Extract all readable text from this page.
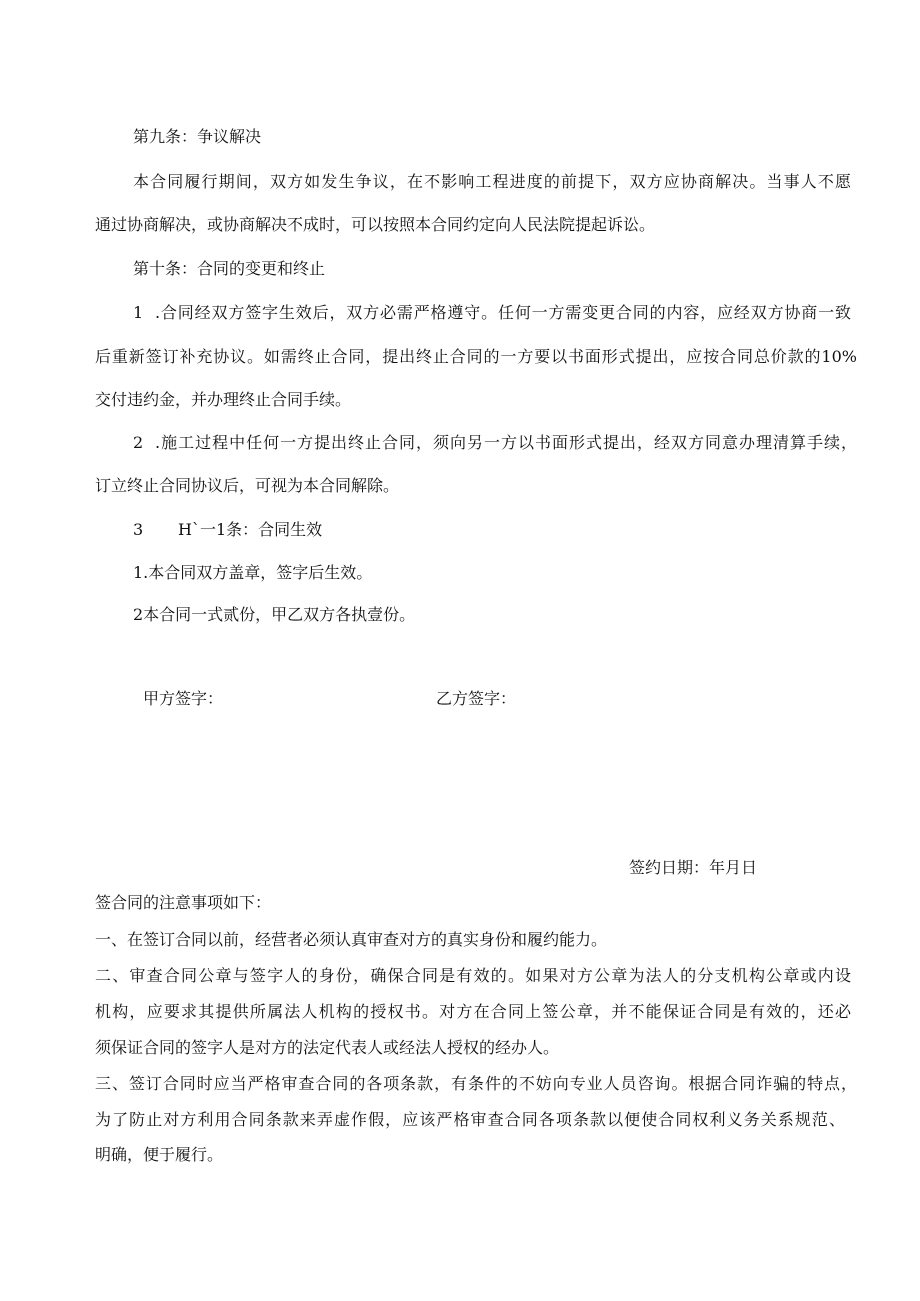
第九条：争议解决
本合同履行期间，双方如发生争议，在不影响工程进度的前提下，双方应协商解决。当事人不愿
通过协商解决，或协商解决不成时，可以按照本合同约定向人民法院提起诉讼。
第十条：合同的变更和终止
1 .合同经双方签字生效后，双方必需严格遵守。任何一方需变更合同的内容，应经双方协商一致
后重新签订补充协议。如需终止合同，提出终止合同的一方要以书面形式提出，应按合同总价款的10%
交付违约金，并办理终止合同手续。
2 .施工过程中任何一方提出终止合同，须向另一方以书面形式提出，经双方同意办理清算手续，
订立终止合同协议后，可视为本合同解除。
3 H`一1条：合同生效
1.本合同双方盖章，签字后生效。
2本合同一式贰份，甲乙双方各执壹份。
甲方签字：	乙方签字：
签约日期：年月日
签合同的注意事项如下：
一、在签订合同以前，经营者必须认真审查对方的真实身份和履约能力。
二、审查合同公章与签字人的身份，确保合同是有效的。如果对方公章为法人的分支机构公章或内设
机构，应要求其提供所属法人机构的授权书。对方在合同上签公章，并不能保证合同是有效的，还必
须保证合同的签字人是对方的法定代表人或经法人授权的经办人。
三、签订合同时应当严格审查合同的各项条款，有条件的不妨向专业人员咨询。根据合同诈骗的特点，
为了防止对方利用合同条款来弄虚作假，应该严格审查合同各项条款以便使合同权利义务关系规范、
明确，便于履行。
